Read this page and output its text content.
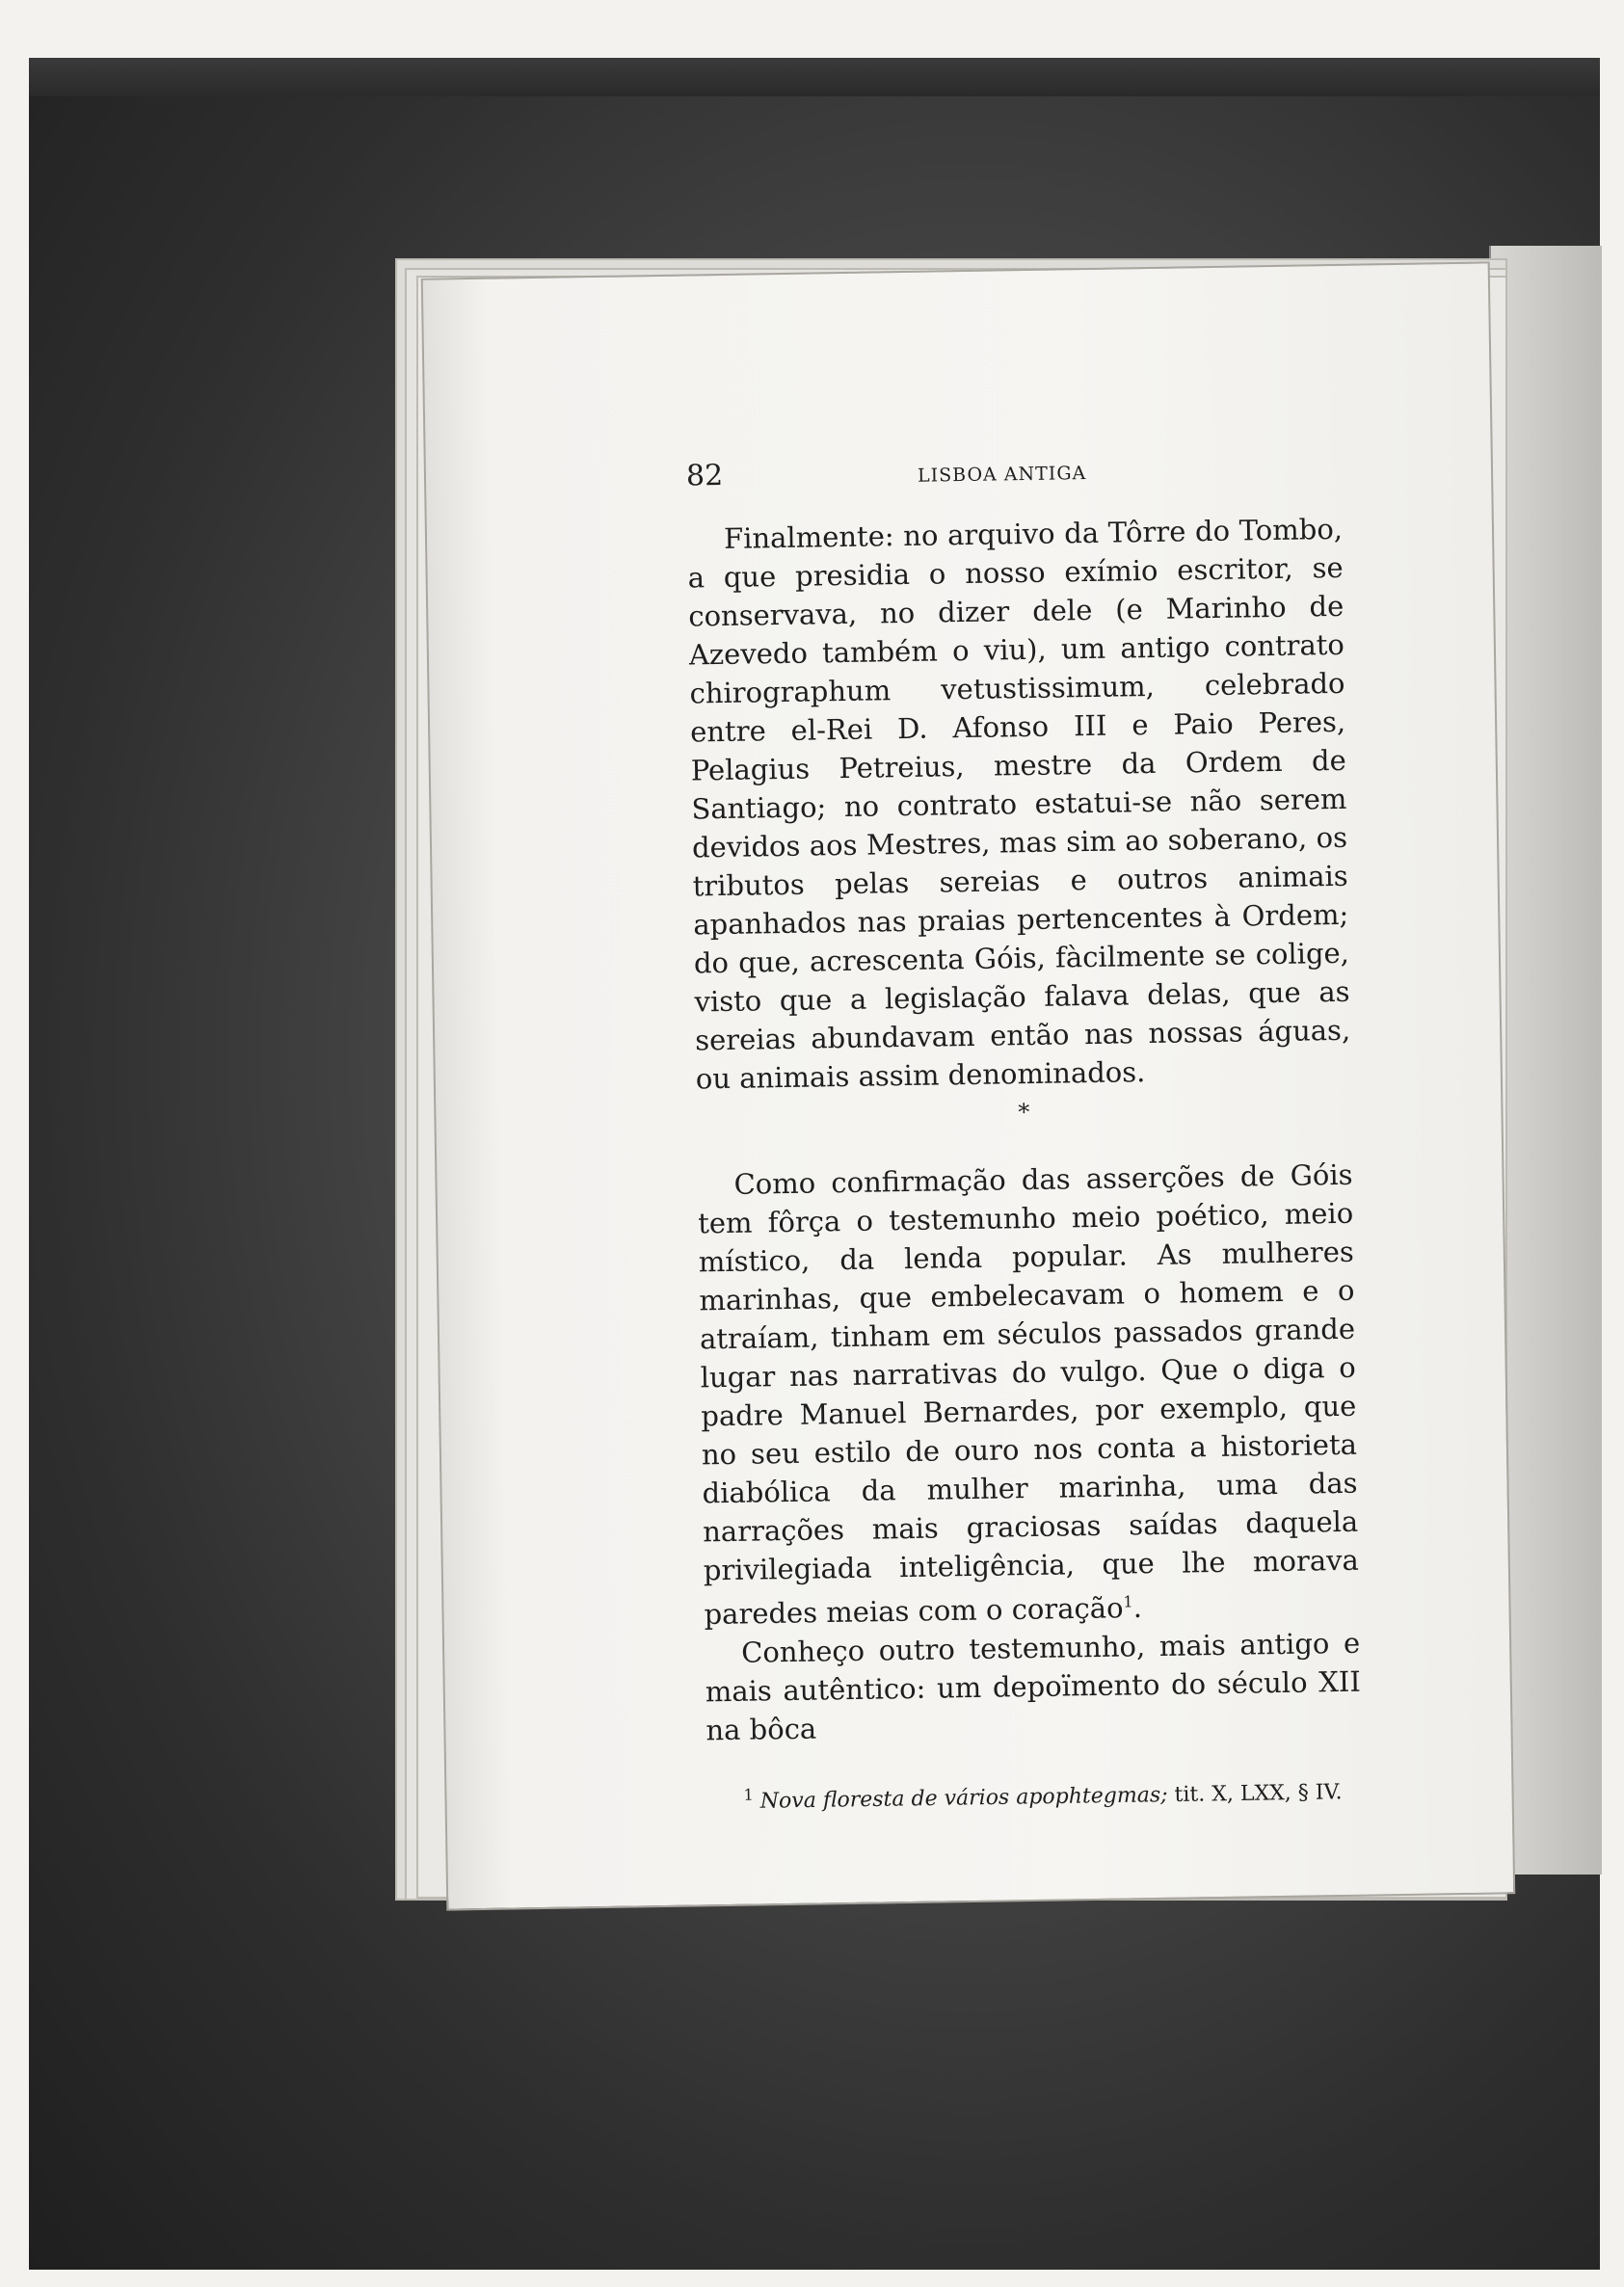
82	LISBOA ANTIGA

Finalmente: no arquivo da Tôrre do Tombo, a que presidia o nosso exímio escritor, se conservava, no dizer dele (e Marinho de Azevedo também o viu), um antigo contrato chirographum vetustissimum, celebrado entre el-Rei D. Afonso III e Paio Peres, Pelagius Petreius, mestre da Ordem de Santiago; no contrato estatui-se não serem devidos aos Mestres, mas sim ao soberano, os tributos pelas sereias e outros animais apanhados nas praias pertencentes à Ordem; do que, acrescenta Góis, fàcilmente se colige, visto que a legislação falava delas, que as sereias abundavam então nas nossas águas, ou animais assim denominados.

*

Como confirmação das asserções de Góis tem fôrça o testemunho meio poético, meio místico, da lenda popular. As mulheres marinhas, que embelecavam o homem e o atraíam, tinham em séculos passados grande lugar nas narrativas do vulgo. Que o diga o padre Manuel Bernardes, por exemplo, que no seu estilo de ouro nos conta a historieta diabólica da mulher marinha, uma das narrações mais graciosas saídas daquela privilegiada inteligência, que lhe morava paredes meias com o coração$^1$.

Conheço outro testemunho, mais antigo e mais autêntico: um depoïmento do século XII na bôca

$^1$ Nova floresta de vários apophtegmas; tit. X, LXX, § IV.
